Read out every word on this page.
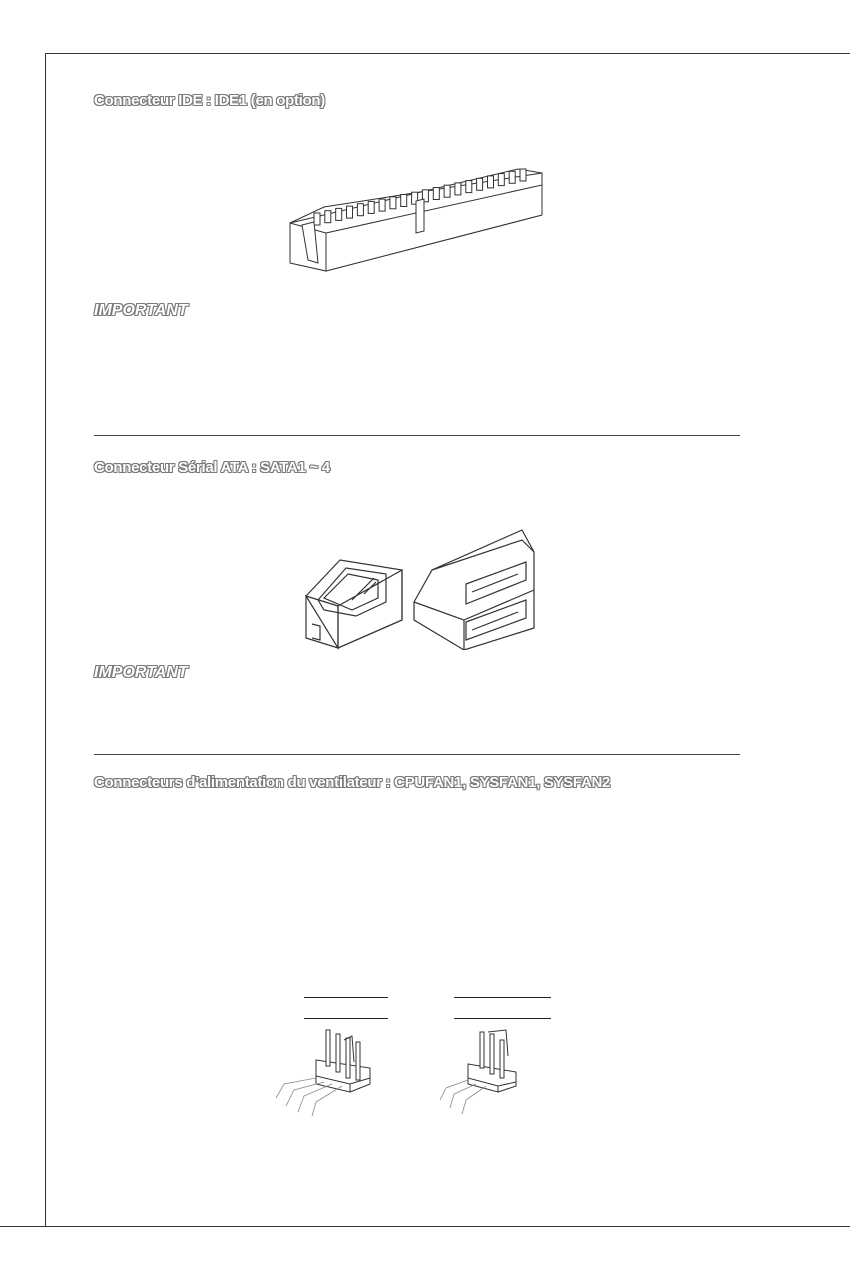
Connecteur IDE : IDE1 (en option)
IMPORTANT
Connecteur Sérial ATA : SATA1 ~ 4
IMPORTANT
Connecteurs d’alimentation du ventilateur : CPUFAN1, SYSFAN1, SYSFAN2
